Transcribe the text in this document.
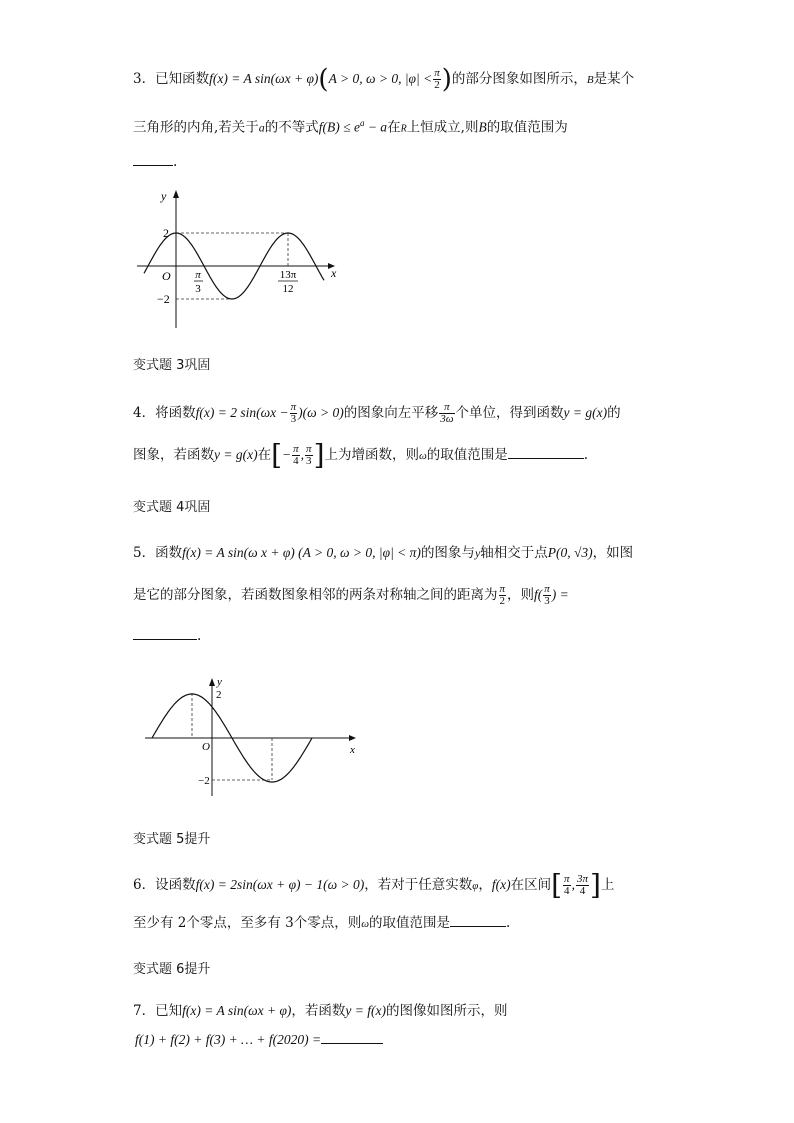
3．已知函数f(x) = A sin(ωx + φ)(A > 0, ω > 0, $|\varphi| < \frac{\pi}{2}$ )的部分图象如图所示，B是某个
三角形的内角,若关于a的不等式$f(B) \le e^a - a$在R上恒成立,则B的取值范围为
.
y
x
O
2
−2
π
3
13π
12
变式题 3巩固
4．将函数f(x) = 2 $\sin(\omega x - \frac{\pi}{3} )(\omega > 0)$的图象向左平移 $\frac{\pi}{3\omega}$ 个单位，得到函数y = g(x)的
图象，若函数y = g(x)在[− $\frac{\pi}{4}$ , $\frac{\pi}{3}$ ]上为增函数，则ω的取值范围是	.
变式题 4巩固
5．函数f(x) = A sin(ω x + φ) (A > 0, ω > 0, |φ| < π)的图象与y轴相交于点P(0, √3)，如图
是它的部分图象，若函数图象相邻的两条对称轴之间的距离为 $\frac{\pi}{2}$ ，则$f( \frac{\pi}{3}$ ) =
.
y
x
O
2
−2
变式题 5提升
6．设函数f(x) = 2sin(ωx + φ) − 1(ω > 0)，若对于任意实数φ，f(x)在区间[ $\frac{\pi}{4}$ , $\frac{3\pi}{4}$ ]上
至少有 2个零点，至多有 3个零点，则ω的取值范围是	.
变式题 6提升
7．已知f(x) = A sin(ωx + φ)，若函数y = f(x)的图像如图所示，则
f(1) + f(2) + f(3) + … + f(2020) =
